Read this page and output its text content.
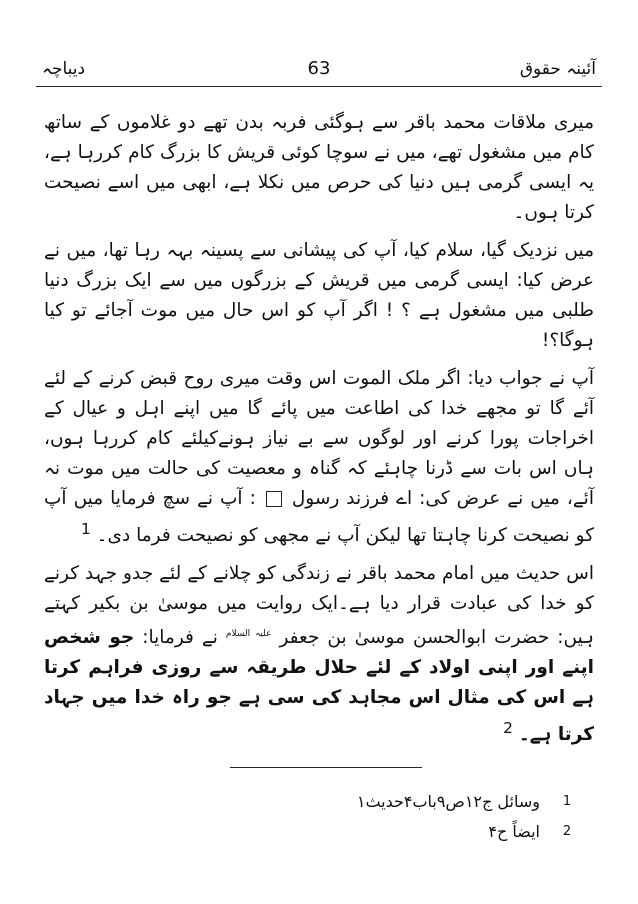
آئینہ حقوق
63
دیباچہ

میری ملاقات محمد باقر سے ہوگئی فربہ بدن تھے دو غلاموں کے ساتھ کام میں مشغول تھے، میں نے سوچا کوئی قریش کا بزرگ کام کررہا ہے، یہ ایسی گرمی ہیں دنیا کی حرص میں نکلا ہے، ابھی میں اسے نصیحت کرتا ہوں۔

میں نزدیک گیا، سلام کیا، آپ کی پیشانی سے پسینہ بہہ رہا تھا، میں نے عرض کیا: ایسی گرمی میں قریش کے بزرگوں میں سے ایک بزرگ دنیا طلبی میں مشغول ہے ؟ ! اگر آپ کو اس حال میں موت آجائے تو کیا ہوگا؟!

آپ نے جواب دیا: اگر ملک الموت اس وقت میری روح قبض کرنے کے لئے آئے گا تو مجھے خدا کی اطاعت میں پائے گا میں اپنے اہل و عیال کے اخراجات پورا کرنے اور لوگوں سے بے نیاز ہونےکیلئے کام کررہا ہوں، ہاں اس بات سے ڈرنا چاہئے کہ گناہ و معصیت کی حالت میں موت نہ آئے، میں نے عرض کی: اے فرزند رسول  : آپ نے سچ فرمایا میں آپ کو نصیحت کرنا چاہتا تھا لیکن آپ نے مجھی کو نصیحت فرما دی۔ $^1$

اس حدیث میں امام محمد باقر نے زندگی کو چلانے کے لئے جدو جہد کرنے کو خدا کی عبادت قرار دیا ہے۔ایک روایت میں موسیٰ بن بکیر کہتے ہیں: حضرت ابوالحسن موسیٰ بن جعفر $^{علیہ السلام}$ نے فرمایا: جو شخص اپنے اور اپنی اولاد کے لئے حلال طریقہ سے روزی فراہم کرتا ہے اس کی مثال اس مجاہد کی سی ہے جو راہ خدا میں جہاد کرتا ہے۔ $^2$

1
وسائل ج۱۲ص۹باب۴حدیث۱
2
ایضاً ح۴
